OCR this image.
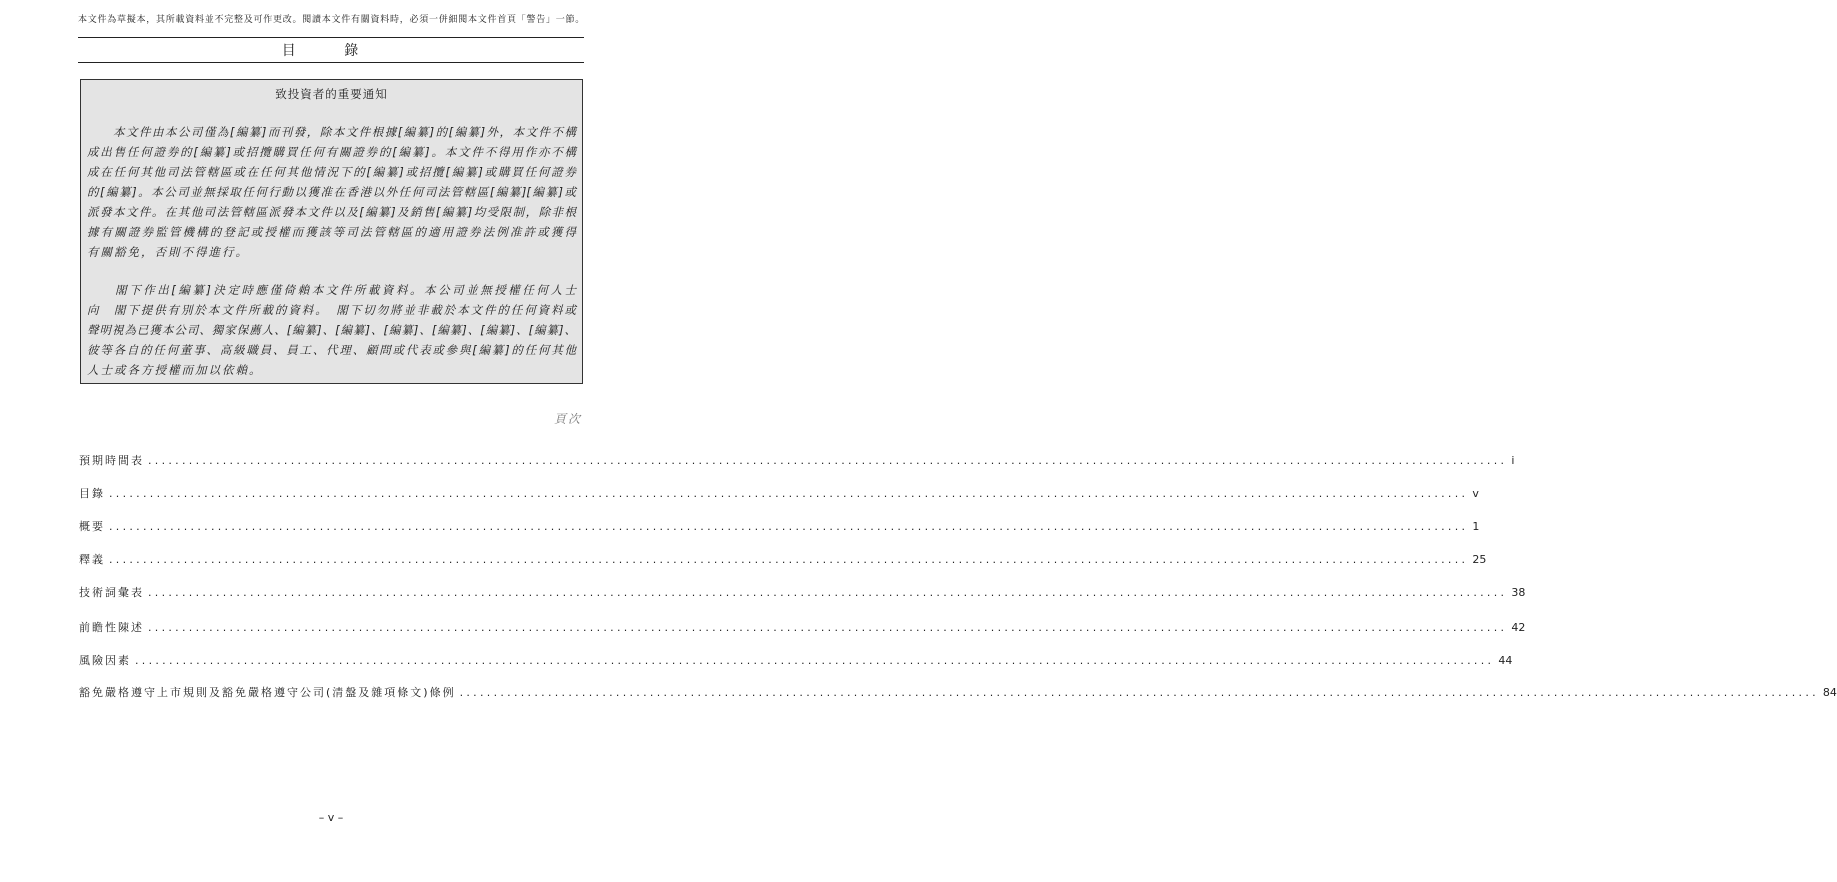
本文件為草擬本，其所載資料並不完整及可作更改。閱讀本文件有關資料時，必須一併細閱本文件首頁「警告」一節。
目 錄
致投資者的重要通知
　　本文件由本公司僅為[編纂]而刊發，除本文件根據[編纂]的[編纂]外，本文件不構
成出售任何證券的[編纂]或招攬購買任何有關證券的[編纂]。本文件不得用作亦不構
成在任何其他司法管轄區或在任何其他情況下的[編纂]或招攬[編纂]或購買任何證券
的[編纂]。本公司並無採取任何行動以獲准在香港以外任何司法管轄區[編纂][編纂]或
派發本文件。在其他司法管轄區派發本文件以及[編纂]及銷售[編纂]均受限制，除非根
據有關證券監管機構的登記或授權而獲該等司法管轄區的適用證券法例准許或獲得
有關豁免，否則不得進行。
　　閣下作出[編纂]決定時應僅倚賴本文件所載資料。本公司並無授權任何人士
向　閣下提供有別於本文件所載的資料。　閣下切勿將並非載於本文件的任何資料或
聲明視為已獲本公司、獨家保薦人、[編纂]、[編纂]、[編纂]、[編纂]、[編纂]、[編纂]、
彼等各自的任何董事、高級職員、員工、代理、顧問或代表或參與[編纂]的任何其他
人士或各方授權而加以依賴。
頁次
預期時間表 ........................................................................................................................................................................................................ i
目錄 ........................................................................................................................................................................................................ v
概要 ........................................................................................................................................................................................................ 1
釋義 ........................................................................................................................................................................................................ 25
技術詞彙表 ........................................................................................................................................................................................................ 38
前瞻性陳述 ........................................................................................................................................................................................................ 42
風險因素 ........................................................................................................................................................................................................ 44
豁免嚴格遵守上市規則及豁免嚴格遵守公司(清盤及雜項條文)條例 ........................................................................................................................................................................................................ 84
– v –
